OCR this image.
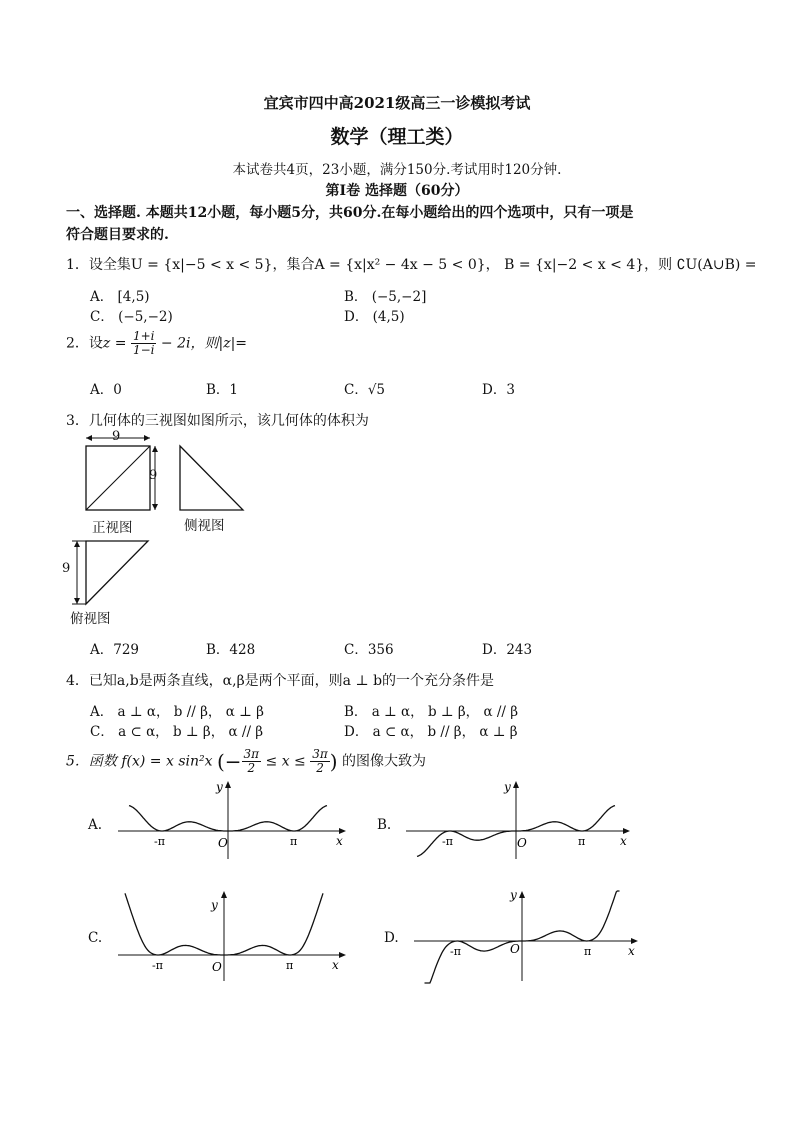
宜宾市四中高2021级高三一诊模拟考试
数学（理工类）
本试卷共4页，23小题，满分150分.考试用时120分钟.
第Ⅰ卷 选择题（60分）
一、选择题. 本题共12小题，每小题5分，共60分.在每小题给出的四个选项中，只有一项是
符合题目要求的.
1．设全集U = {x|−5 < x < 5}，集合A = {x|x² − 4x − 5 < 0}， B = {x|−2 < x < 4}，则 ∁U(A∪B) =
A． [4,5)	B． (−5,−2]
C． (−5,−2)	D． (4,5)
2．设$z = \frac{1+i}{1-i} - 2i$，则|z|=
A．0	B．1	C．√5	D．3
3．几何体的三视图如图所示，该几何体的体积为
9
9
9
正视图	侧视图
俯视图
A．729	B．428	C．356	D．243
4．已知a,b是两条直线，α,β是两个平面，则a ⊥ b的一个充分条件是
A． a ⊥ α， b // β， α ⊥ β	B． a ⊥ α， b ⊥ β， α // β
C． a ⊂ α， b ⊥ β， α // β	D． a ⊂ α， b // β， α ⊥ β
5．函数 f(x) = x sin²x (− $\frac{3\pi}{2} \le x \le \frac{3\pi}{2}$ ) 的图像大致为
A.	B.
C.	D.
O
-π	π	x
y
O
-π	π	x
y
O
-π	π	x
y
O
-π	π	x
y
